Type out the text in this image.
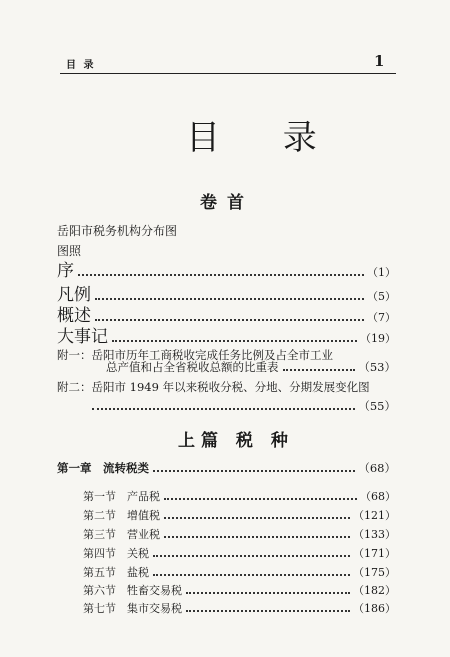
目 录	1
目 录
卷首
岳阳市税务机构分布图
图照
序	（1）
凡例	（5）
概述	（7）
大事记	（19）
附一：岳阳市历年工商税收完成任务比例及占全市工业
总产值和占全省税收总额的比重表	（53）
附二：岳阳市 1949 年以来税收分税、分地、分期发展变化图
（55）
上篇 税 种
第一章　流转税类	（68）
第一节　产品税	（68）
第二节　增值税	（121）
第三节　营业税	（133）
第四节　关税	（171）
第五节　盐税	（175）
第六节　牲畜交易税	（182）
第七节　集市交易税	（186）
